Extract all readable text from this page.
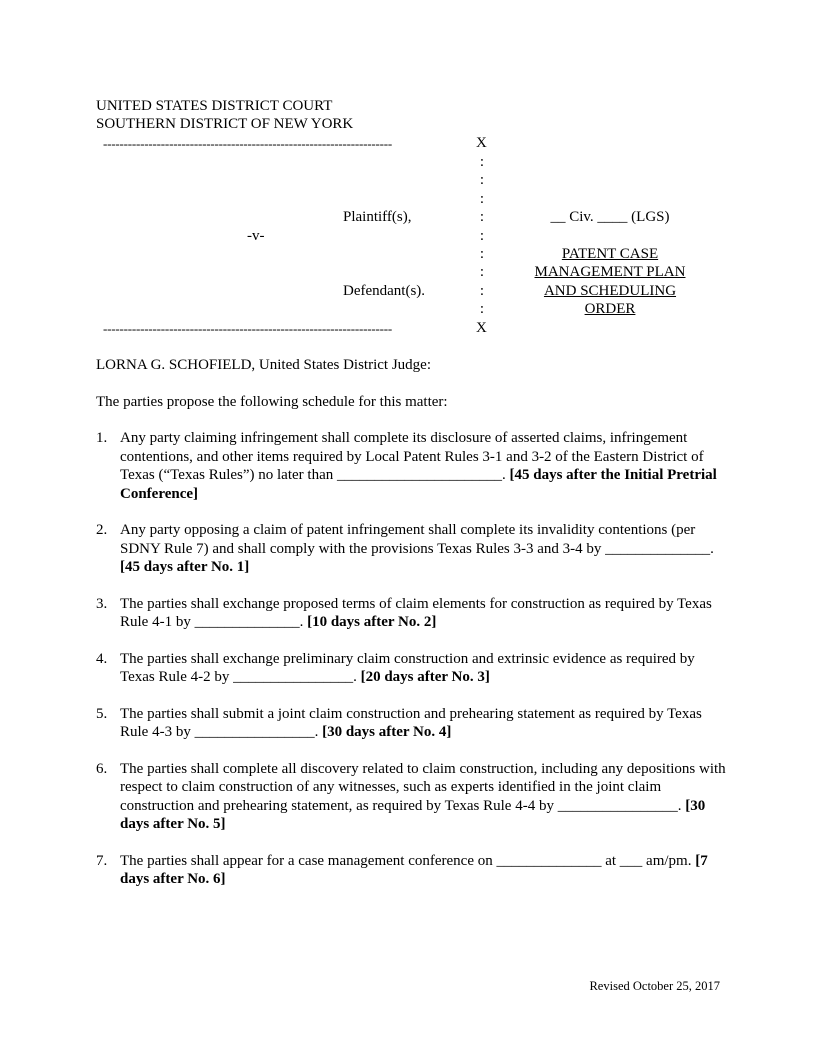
UNITED STATES DISTRICT COURT
SOUTHERN DISTRICT OF NEW YORK
----------------------------------------------------------------------	X
:
:
:
:
:
:
:
:
:
Plaintiff(s),
-v-
Defendant(s).
__ Civ. ____ (LGS)
PATENT CASE
MANAGEMENT PLAN
AND SCHEDULING
ORDER
----------------------------------------------------------------------	X
LORNA G. SCHOFIELD, United States District Judge:
The parties propose the following schedule for this matter:
1. Any party claiming infringement shall complete its disclosure of asserted claims, infringement contentions, and other items required by Local Patent Rules 3-1 and 3-2 of the Eastern District of Texas (“Texas Rules”) no later than ______________________. [45 days after the Initial Pretrial Conference]
2. Any party opposing a claim of patent infringement shall complete its invalidity contentions (per SDNY Rule 7) and shall comply with the provisions Texas Rules 3-3 and 3-4 by ______________. [45 days after No. 1]
3. The parties shall exchange proposed terms of claim elements for construction as required by Texas Rule 4-1 by ______________. [10 days after No. 2]
4. The parties shall exchange preliminary claim construction and extrinsic evidence as required by Texas Rule 4-2 by ________________. [20 days after No. 3]
5. The parties shall submit a joint claim construction and prehearing statement as required by Texas Rule 4-3 by ________________. [30 days after No. 4]
6. The parties shall complete all discovery related to claim construction, including any depositions with respect to claim construction of any witnesses, such as experts identified in the joint claim construction and prehearing statement, as required by Texas Rule 4-4 by ________________. [30 days after No. 5]
7. The parties shall appear for a case management conference on ______________ at ___ am/pm. [7 days after No. 6]
Revised October 25, 2017
